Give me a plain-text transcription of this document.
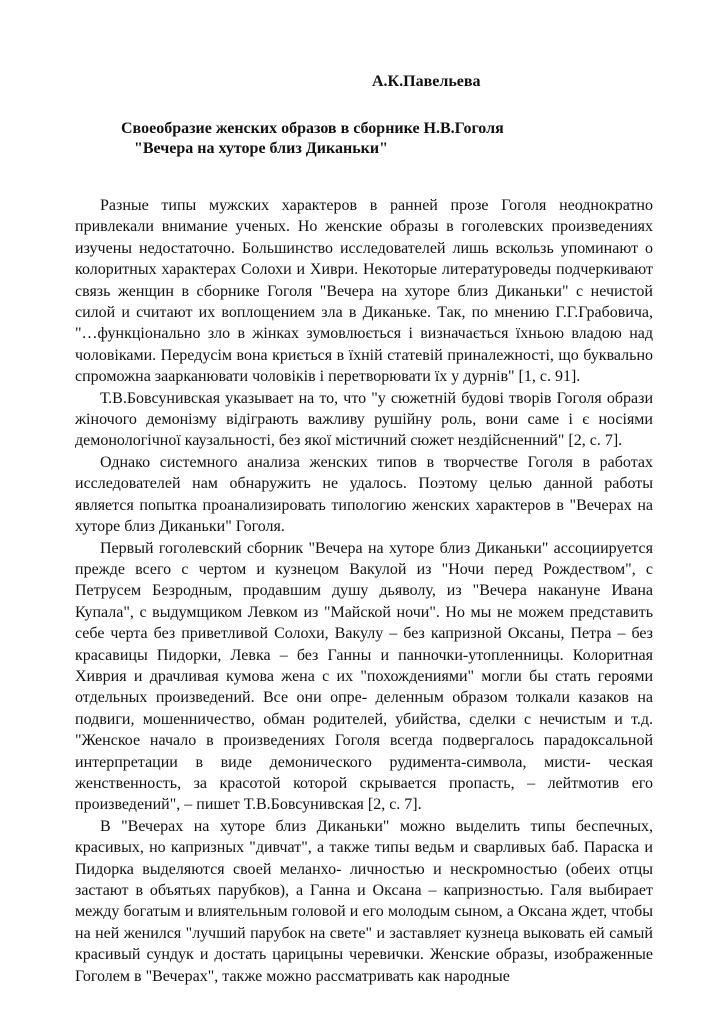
А.К.Павельева
Своеобразие женских образов в сборнике Н.В.Гоголя
"Вечера на хуторе близ Диканьки"

Разные типы мужских характеров в ранней прозе Гоголя неоднократно привлекали внимание ученых. Но женские образы в гоголевских произведениях изучены недостаточно. Большинство исследователей лишь вскользь упоминают о колоритных характерах Солохи и Хиври. Некоторые литературоведы подчеркивают связь женщин в сборнике Гоголя "Вечера на хуторе близ Диканьки" с нечистой силой и считают их воплощением зла в Диканьке. Так, по мнению Г.Г.Грабовича, "…функціонально зло в жінках зумовлюється і визначається їхньою владою над чоловіками. Передусім вона криється в їхній статевій приналежності, що буквально спроможна заарканювати чоловіків і перетворювати їх у дурнів" [1, с. 91].

Т.В.Бовсунивская указывает на то, что "у сюжетній будові творів Гоголя образи жіночого демонізму відіграють важливу рушійну роль, вони саме і є носіями демонологічної каузальності, без якої містичний сюжет нездійсненний" [2, с. 7].

Однако системного анализа женских типов в творчестве Гоголя в работах исследователей нам обнаружить не удалось. Поэтому целью данной работы является попытка проанализировать типологию женских характеров в "Вечерах на хуторе близ Диканьки" Гоголя.

Первый гоголевский сборник "Вечера на хуторе близ Диканьки" ассоциируется прежде всего с чертом и кузнецом Вакулой из "Ночи перед Рождеством", с Петрусем Безродным, продавшим душу дьяволу, из "Вечера накануне Ивана Купала", с выдумщиком Левком из "Майской ночи". Но мы не можем представить себе черта без приветливой Солохи, Вакулу – без капризной Оксаны, Петра – без красавицы Пидорки, Левка – без Ганны и панночки-утопленницы. Колоритная Хиврия и драчливая кумова жена с их "похождениями" могли бы стать героями отдельных произведений. Все они опре- деленным образом толкали казаков на подвиги, мошенничество, обман родителей, убийства, сделки с нечистым и т.д. "Женское начало в произведениях Гоголя всегда подвергалось парадоксальной интерпретации в виде демонического рудимента-символа, мисти- ческая женственность, за красотой которой скрывается пропасть, – лейтмотив его произведений", – пишет Т.В.Бовсунивская [2, с. 7].

В "Вечерах на хуторе близ Диканьки" можно выделить типы беспечных, красивых, но капризных "дивчат", а также типы ведьм и сварливых баб. Параска и Пидорка выделяются своей меланхо- личностью и нескромностью (обеих отцы застают в объятьях парубков), а Ганна и Оксана – капризностью. Галя выбирает между богатым и влиятельным головой и его молодым сыном, а Оксана ждет, чтобы на ней женился "лучший парубок на свете" и заставляет кузнеца выковать ей самый красивый сундук и достать царицыны черевички. Женские образы, изображенные Гоголем в "Вечерах", также можно рассматривать как народные
